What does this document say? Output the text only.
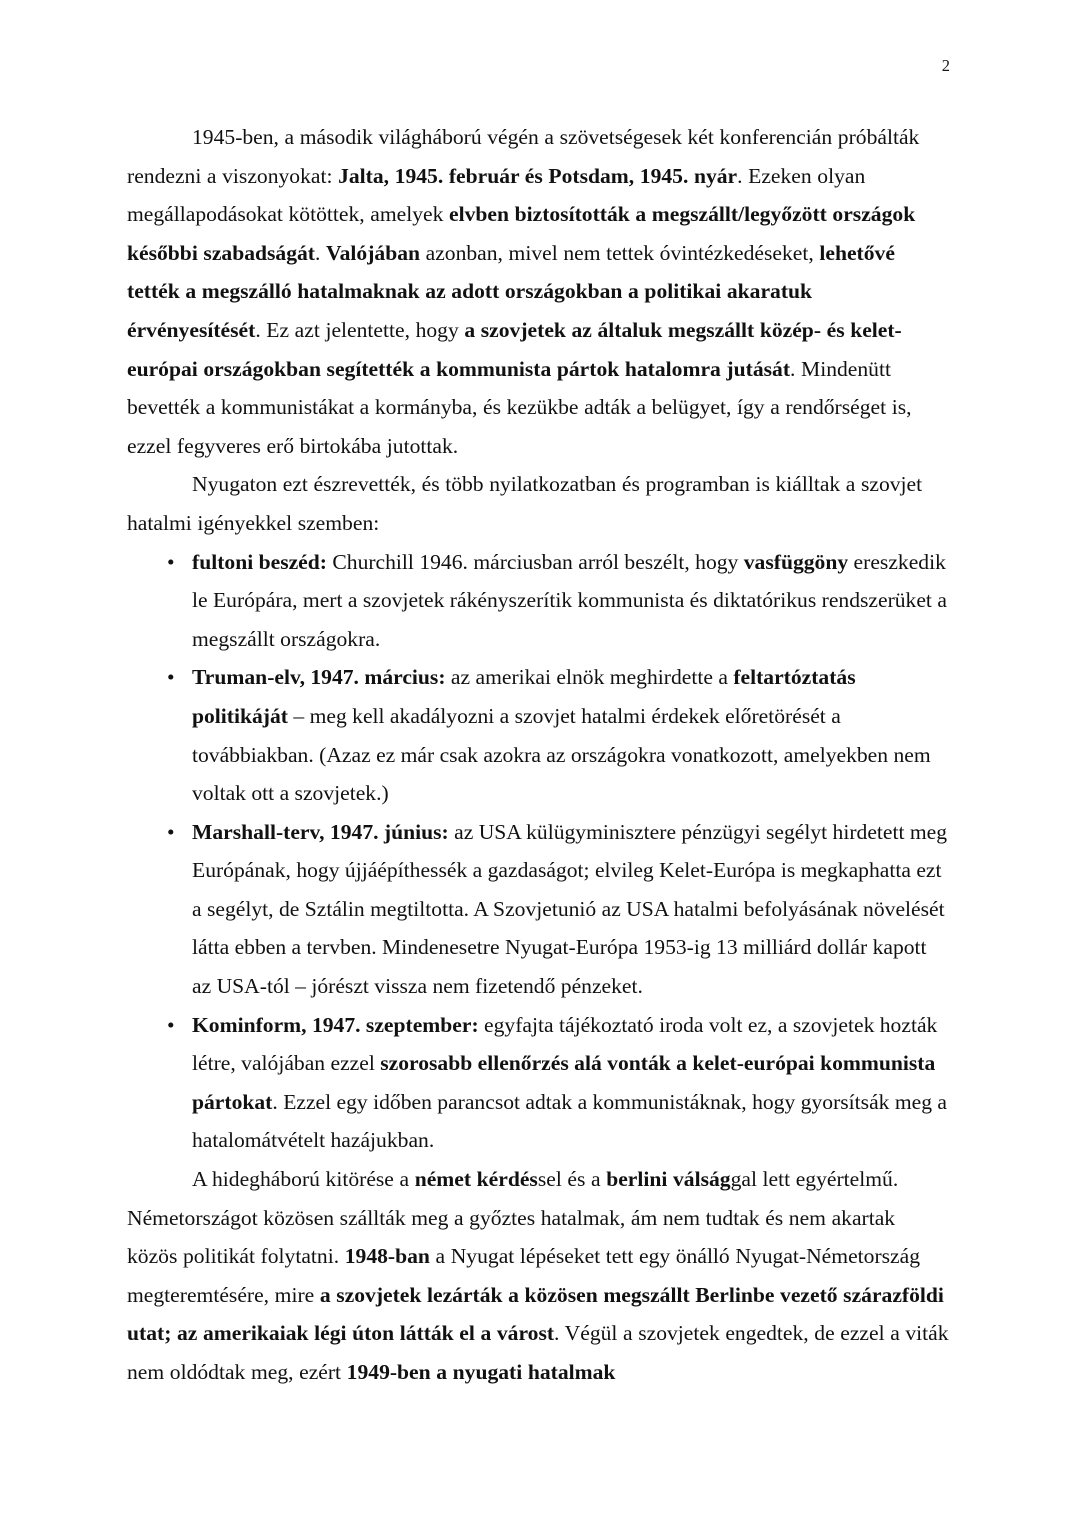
2

1945-ben, a második világháború végén a szövetségesek két konferencián próbálták rendezni a viszonyokat: Jalta, 1945. február és Potsdam, 1945. nyár. Ezeken olyan megállapodásokat kötöttek, amelyek elvben biztosították a megszállt/legyőzött országok későbbi szabadságát. Valójában azonban, mivel nem tettek óvintézkedéseket, lehetővé tették a megszálló hatalmaknak az adott országokban a politikai akaratuk érvényesítését. Ez azt jelentette, hogy a szovjetek az általuk megszállt közép- és kelet-európai országokban segítették a kommunista pártok hatalomra jutását. Mindenütt bevették a kommunistákat a kormányba, és kezükbe adták a belügyet, így a rendőrséget is, ezzel fegyveres erő birtokába jutottak.

Nyugaton ezt észrevették, és több nyilatkozatban és programban is kiálltak a szovjet hatalmi igényekkel szemben:

• fultoni beszéd: Churchill 1946. márciusban arról beszélt, hogy vasfüggöny ereszkedik le Európára, mert a szovjetek rákényszerítik kommunista és diktatórikus rendszerüket a megszállt országokra.
• Truman-elv, 1947. március: az amerikai elnök meghirdette a feltartóztatás politikáját – meg kell akadályozni a szovjet hatalmi érdekek előretörését a továbbiakban. (Azaz ez már csak azokra az országokra vonatkozott, amelyekben nem voltak ott a szovjetek.)
• Marshall-terv, 1947. június: az USA külügyminisztere pénzügyi segélyt hirdetett meg Európának, hogy újjáépíthessék a gazdaságot; elvileg Kelet-Európa is megkaphatta ezt a segélyt, de Sztálin megtiltotta. A Szovjetunió az USA hatalmi befolyásának növelését látta ebben a tervben. Mindenesetre Nyugat-Európa 1953-ig 13 milliárd dollár kapott az USA-tól – jórészt vissza nem fizetendő pénzeket.
• Kominform, 1947. szeptember: egyfajta tájékoztató iroda volt ez, a szovjetek hozták létre, valójában ezzel szorosabb ellenőrzés alá vonták a kelet-európai kommunista pártokat. Ezzel egy időben parancsot adtak a kommunistáknak, hogy gyorsítsák meg a hatalomátvételt hazájukban.

A hidegháború kitörése a német kérdéssel és a berlini válsággal lett egyértelmű. Németországot közösen szállták meg a győztes hatalmak, ám nem tudtak és nem akartak közös politikát folytatni. 1948-ban a Nyugat lépéseket tett egy önálló Nyugat-Németország megteremtésére, mire a szovjetek lezárták a közösen megszállt Berlinbe vezető szárazföldi utat; az amerikaiak légi úton látták el a várost. Végül a szovjetek engedtek, de ezzel a viták nem oldódtak meg, ezért 1949-ben a nyugati hatalmak
